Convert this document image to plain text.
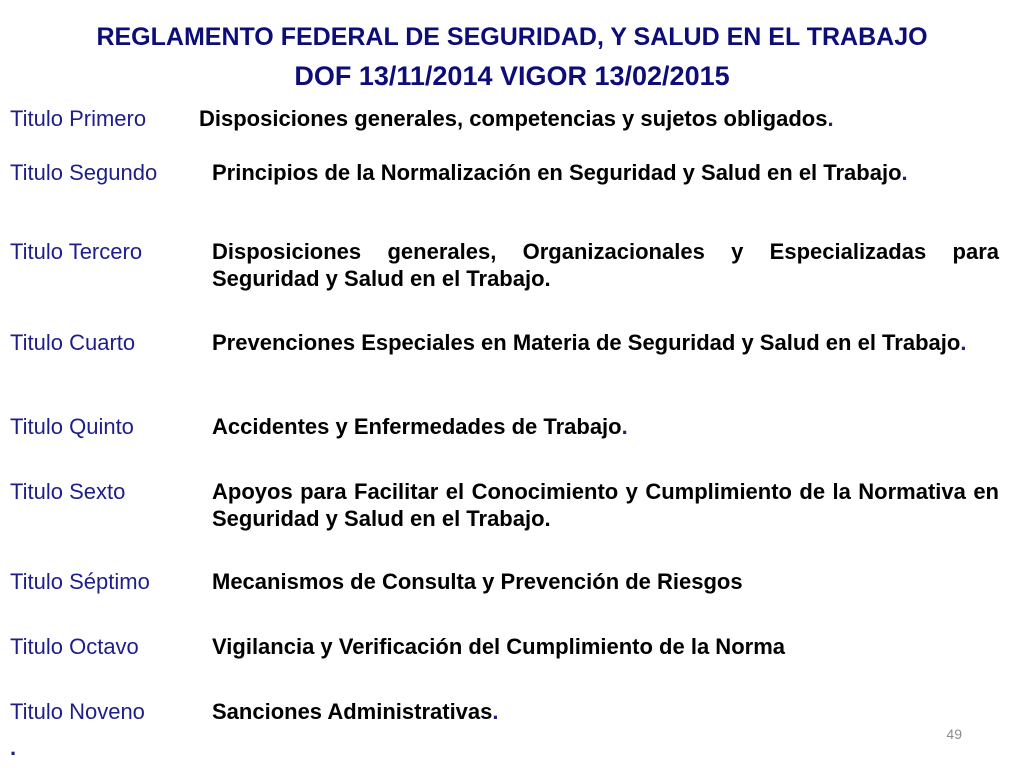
REGLAMENTO FEDERAL DE SEGURIDAD, Y SALUD EN EL TRABAJO
DOF 13/11/2014 VIGOR 13/02/2015
Titulo Primero Disposiciones generales, competencias y sujetos obligados.
Titulo Segundo Principios de la Normalización en Seguridad y Salud en el Trabajo.
Titulo Tercero	Disposiciones generales, Organizacionales y Especializadas para Seguridad y Salud en el Trabajo.
Titulo Cuarto	Prevenciones Especiales en Materia de Seguridad y Salud en el Trabajo.
Titulo Quinto	Accidentes y Enfermedades de Trabajo.
Titulo Sexto	Apoyos para Facilitar el Conocimiento y Cumplimiento de la Normativa en Seguridad y Salud en el Trabajo.
Titulo Séptimo	Mecanismos de Consulta y Prevención de Riesgos
Titulo Octavo	Vigilancia y Verificación del Cumplimiento de la Norma
Titulo Noveno	Sanciones Administrativas.
.
49
